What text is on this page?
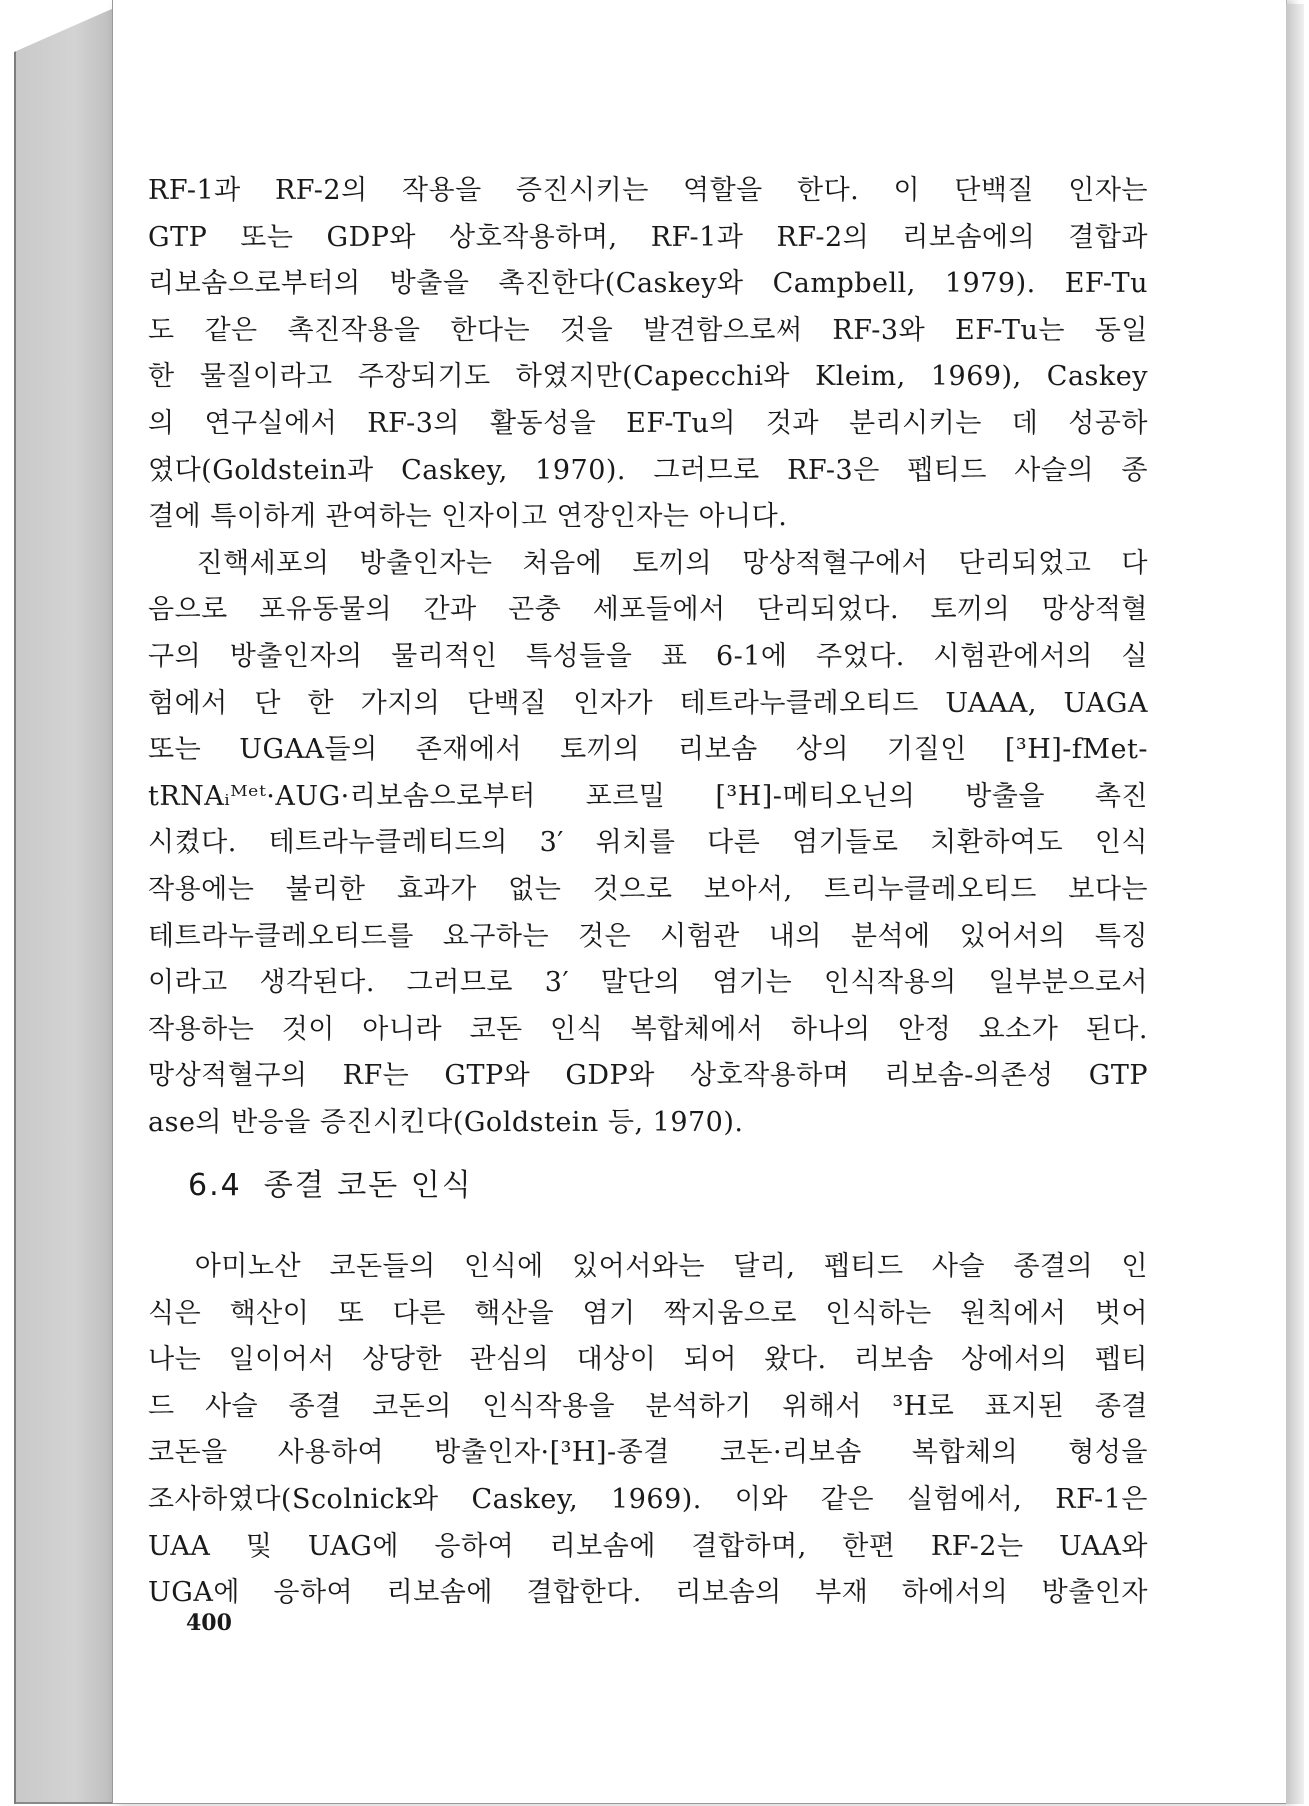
RF-1과 RF-2의 작용을 증진시키는 역할을 한다. 이 단백질 인자는
GTP 또는 GDP와 상호작용하며, RF-1과 RF-2의 리보솜에의 결합과
리보솜으로부터의 방출을 촉진한다(Caskey와 Campbell, 1979). EF-Tu
도 같은 촉진작용을 한다는 것을 발견함으로써 RF-3와 EF-Tu는 동일
한 물질이라고 주장되기도 하였지만(Capecchi와 Kleim, 1969), Caskey
의 연구실에서 RF-3의 활동성을 EF-Tu의 것과 분리시키는 데 성공하
였다(Goldstein과 Caskey, 1970). 그러므로 RF-3은 펩티드 사슬의 종
결에 특이하게 관여하는 인자이고 연장인자는 아니다.
　진핵세포의 방출인자는 처음에 토끼의 망상적혈구에서 단리되었고 다
음으로 포유동물의 간과 곤충 세포들에서 단리되었다. 토끼의 망상적혈
구의 방출인자의 물리적인 특성들을 표 6-1에 주었다. 시험관에서의 실
험에서 단 한 가지의 단백질 인자가 테트라누클레오티드 UAAA, UAGA
또는 UGAA들의 존재에서 토끼의 리보솜 상의 기질인 [³H]-fMet-
tRNAᵢᴹᵉᵗ·AUG·리보솜으로부터 포르밀 [³H]-메티오닌의 방출을 촉진
시켰다. 테트라누클레티드의 3′ 위치를 다른 염기들로 치환하여도 인식
작용에는 불리한 효과가 없는 것으로 보아서, 트리누클레오티드 보다는
테트라누클레오티드를 요구하는 것은 시험관 내의 분석에 있어서의 특징
이라고 생각된다. 그러므로 3′ 말단의 염기는 인식작용의 일부분으로서
작용하는 것이 아니라 코돈 인식 복합체에서 하나의 안정 요소가 된다.
망상적혈구의 RF는 GTP와 GDP와 상호작용하며 리보솜-의존성 GTP
ase의 반응을 증진시킨다(Goldstein 등, 1970).
6.4 종결 코돈 인식
　아미노산 코돈들의 인식에 있어서와는 달리, 펩티드 사슬 종결의 인
식은 핵산이 또 다른 핵산을 염기 짝지움으로 인식하는 원칙에서 벗어
나는 일이어서 상당한 관심의 대상이 되어 왔다. 리보솜 상에서의 펩티
드 사슬 종결 코돈의 인식작용을 분석하기 위해서 ³H로 표지된 종결
코돈을 사용하여 방출인자·[³H]-종결 코돈·리보솜 복합체의 형성을
조사하였다(Scolnick와 Caskey, 1969). 이와 같은 실험에서, RF-1은
UAA 및 UAG에 응하여 리보솜에 결합하며, 한편 RF-2는 UAA와
UGA에 응하여 리보솜에 결합한다. 리보솜의 부재 하에서의 방출인자
400
